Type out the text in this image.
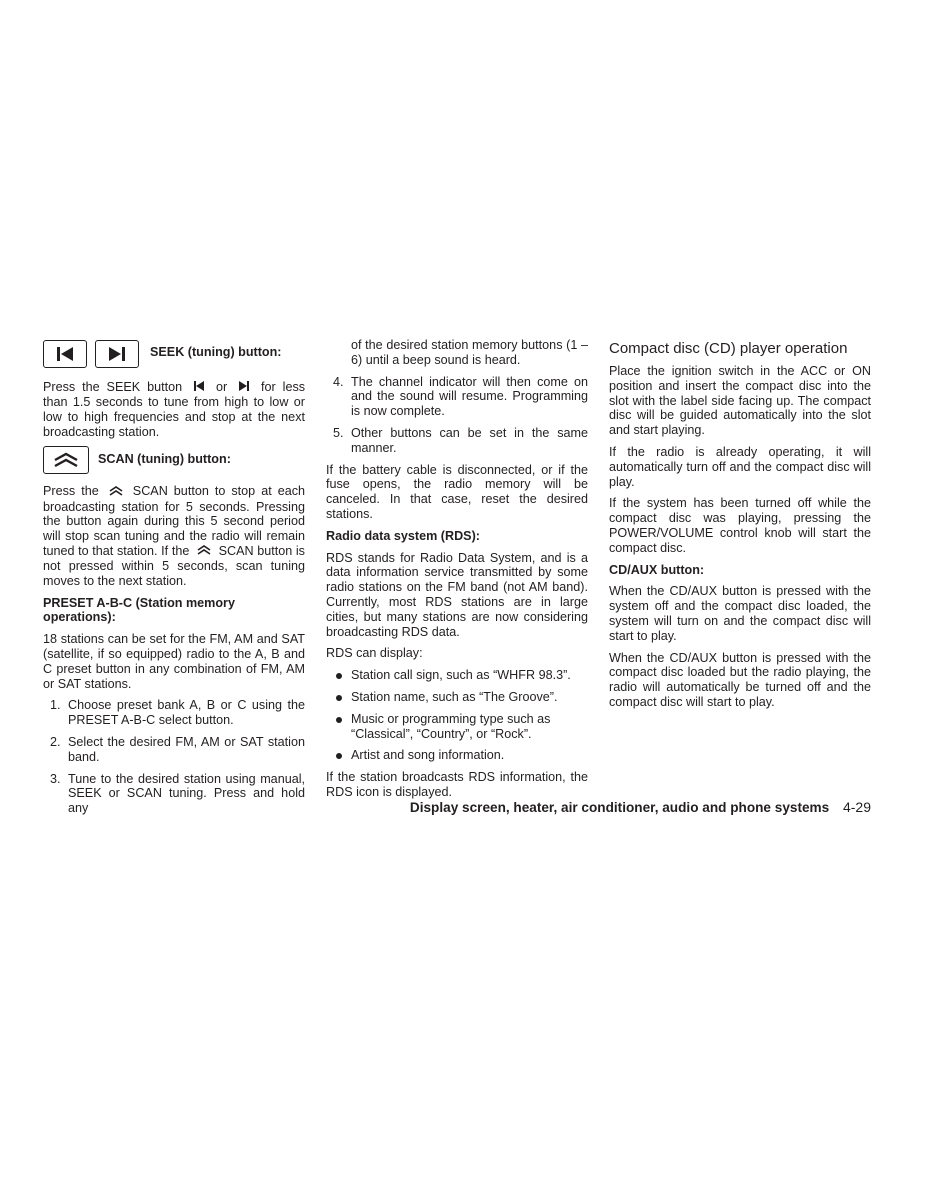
SEEK (tuning) button:

Press the SEEK button	or	for less than 1.5 seconds to tune from high to low or low to high frequencies and stop at the next broadcasting station.

SCAN (tuning) button:

Press the	SCAN button to stop at each broadcasting station for 5 seconds. Pressing the button again during this 5 second period will stop scan tuning and the radio will remain tuned to that station. If the SCAN button is not pressed within 5 seconds, scan tuning moves to the next station.

PRESET A-B-C (Station memory operations):

18 stations can be set for the FM, AM and SAT (satellite, if so equipped) radio to the A, B and C preset button in any combination of FM, AM or SAT stations.

1. Choose preset bank A, B or C using the PRESET A-B-C select button.
2. Select the desired FM, AM or SAT station band.
3. Tune to the desired station using manual, SEEK or SCAN tuning. Press and hold any

of the desired station memory buttons (1 – 6) until a beep sound is heard.

4. The channel indicator will then come on and the sound will resume. Programming is now complete.
5. Other buttons can be set in the same manner.

If the battery cable is disconnected, or if the fuse opens, the radio memory will be canceled. In that case, reset the desired stations.

Radio data system (RDS):

RDS stands for Radio Data System, and is a data information service transmitted by some radio stations on the FM band (not AM band). Currently, most RDS stations are in large cities, but many stations are now considering broadcasting RDS data.

RDS can display:

Station call sign, such as “WHFR 98.3”.
Station name, such as “The Groove”.
Music or programming type such as “Classical”, “Country”, or “Rock”.
Artist and song information.

If the station broadcasts RDS information, the RDS icon is displayed.

Compact disc (CD) player operation

Place the ignition switch in the ACC or ON position and insert the compact disc into the slot with the label side facing up. The compact disc will be guided automatically into the slot and start playing.

If the radio is already operating, it will automatically turn off and the compact disc will play.

If the system has been turned off while the compact disc was playing, pressing the POWER/VOLUME control knob will start the compact disc.

CD/AUX button:

When the CD/AUX button is pressed with the system off and the compact disc loaded, the system will turn on and the compact disc will start to play.

When the CD/AUX button is pressed with the compact disc loaded but the radio playing, the radio will automatically be turned off and the compact disc will start to play.

Display screen, heater, air conditioner, audio and phone systems 4-29
